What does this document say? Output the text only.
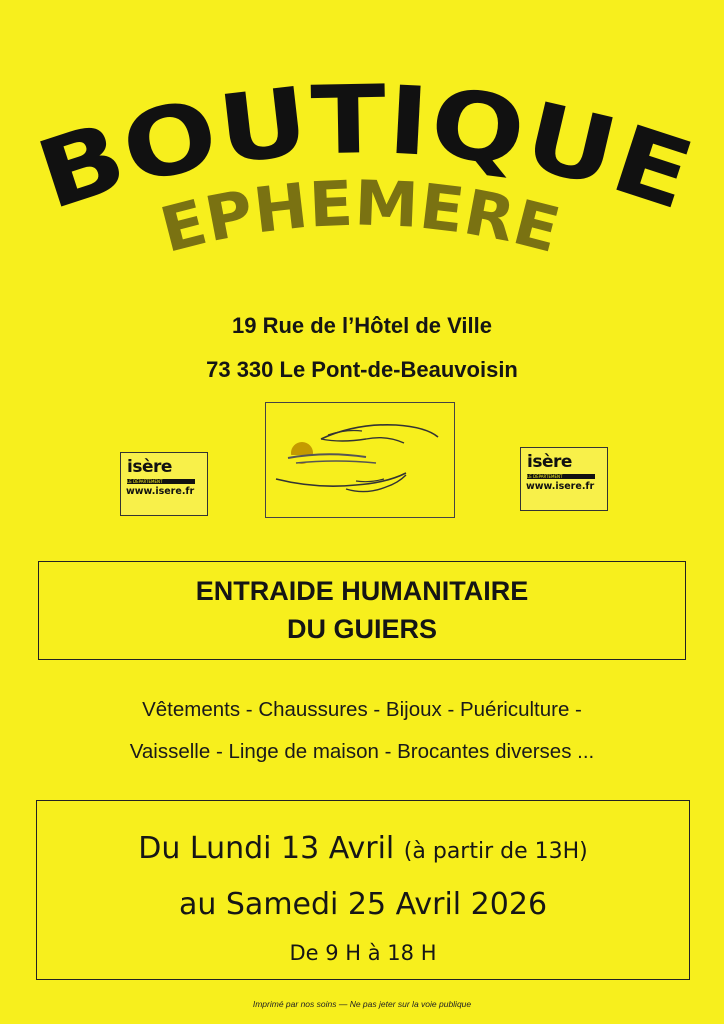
BOUTIQUE
EPHEMERE
19 Rue de l’Hôtel de Ville
73 330 Le Pont-de-Beauvoisin
isère
LE DÉPARTEMENT
www.isere.fr
isère
LE DÉPARTEMENT
www.isere.fr
ENTRAIDE HUMANITAIRE
DU GUIERS
Vêtements - Chaussures - Bijoux - Puériculture -
Vaisselle - Linge de maison - Brocantes diverses ...
Du Lundi 13 Avril (à partir de 13H)
au Samedi 25 Avril 2026
De 9 H à 18 H
Imprimé par nos soins — Ne pas jeter sur la voie publique
